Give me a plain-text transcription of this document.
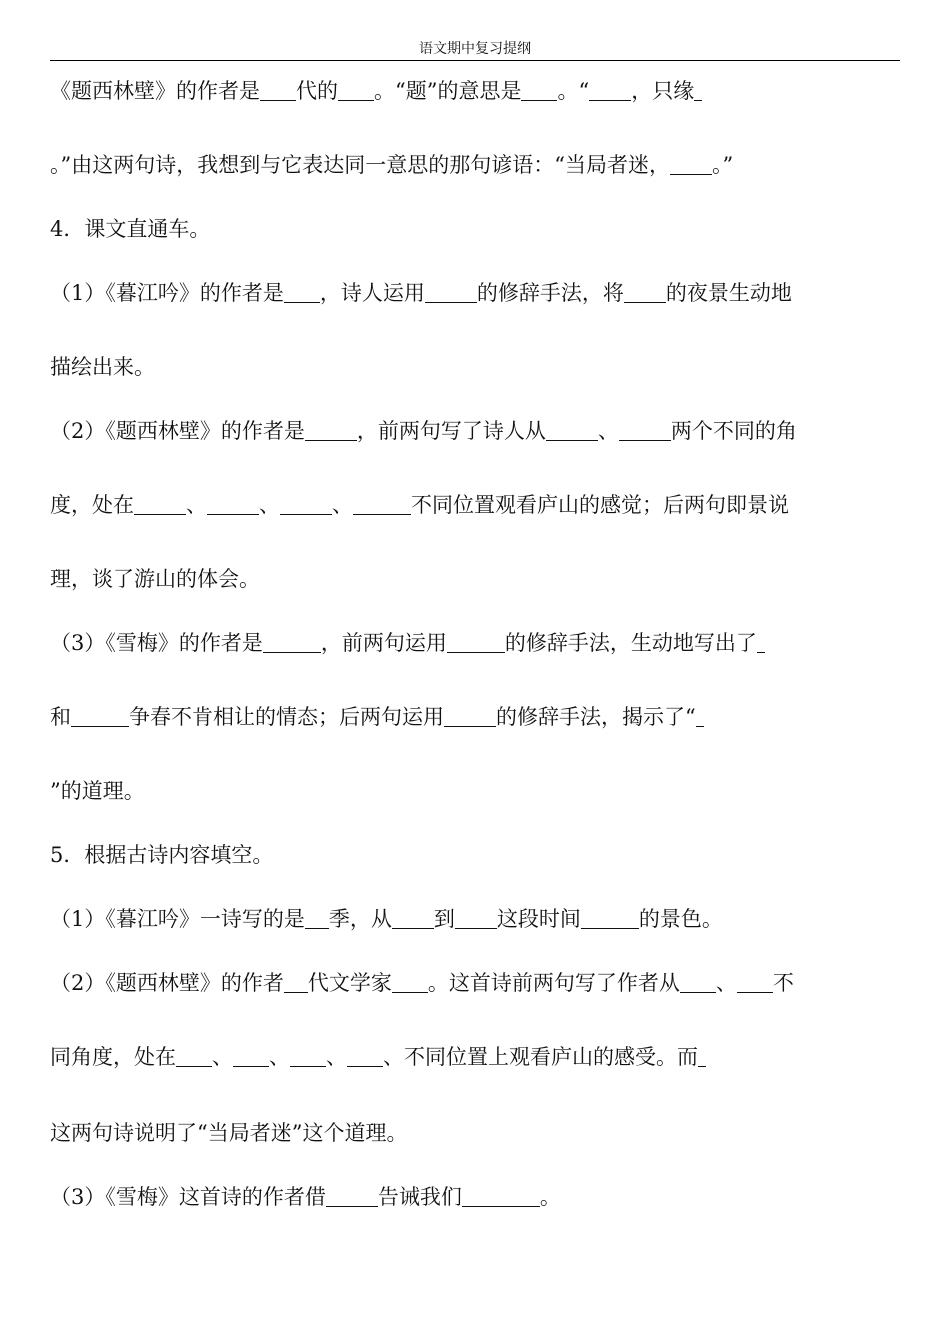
语文期中复习提纲
《题西林壁》的作者是 代的 。“题”的意思是 。“ ，只缘
。”由这两句诗，我想到与它表达同一意思的那句谚语：“当局者迷， 。”
4．课文直通车。
（1）《暮江吟》的作者是 ，诗人运用 的修辞手法，将 的夜景生动地
描绘出来。
（2）《题西林壁》的作者是 ，前两句写了诗人从 、 两个不同的角
度，处在 、 、 、	不同位置观看庐山的感觉；后两句即景说
理，谈了游山的体会。
（3）《雪梅》的作者是	，前两句运用	的修辞手法，生动地写出了
和	争春不肯相让的情态；后两句运用 的修辞手法，揭示了“
”的道理。
5．根据古诗内容填空。
（1）《暮江吟》一诗写的是 季，从 到 这段时间	的景色。
（2）《题西林壁》的作者 代文学家 。这首诗前两句写了作者从 、 不
同角度，处在 、 、 、 、不同位置上观看庐山的感受。而
这两句诗说明了“当局者迷”这个道理。
（3）《雪梅》这首诗的作者借 告诫我们	。
